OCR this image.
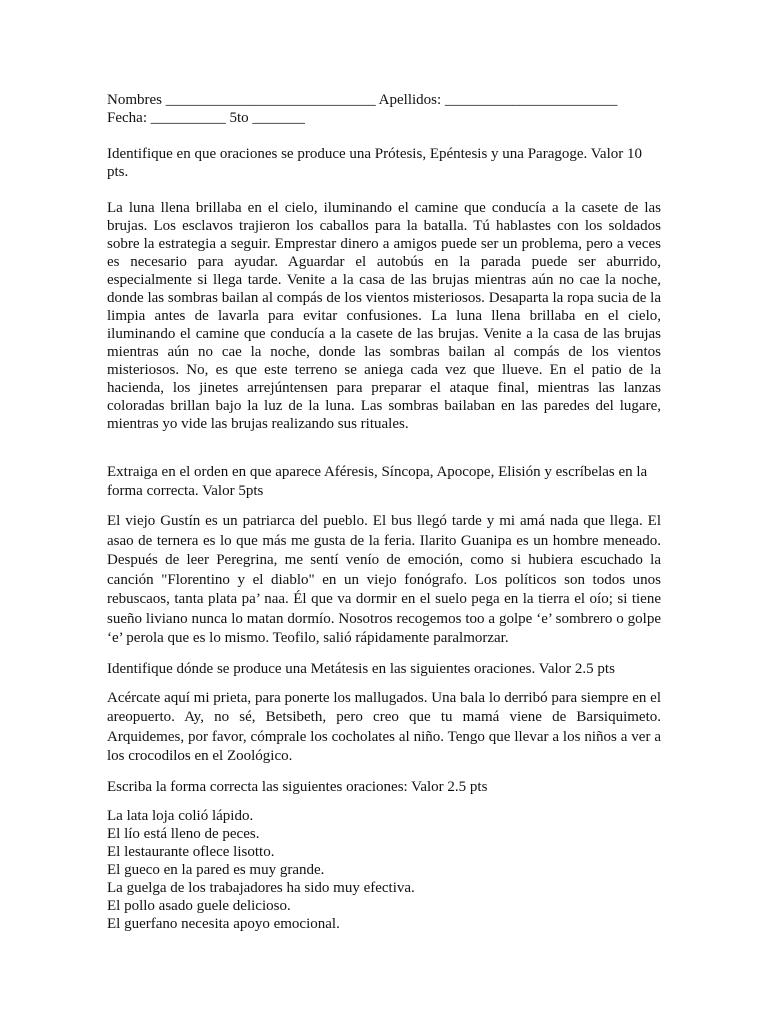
Nombres ____________________________ Apellidos: _______________________
Fecha: __________ 5to _______

Identifique en que oraciones se produce una Prótesis, Epéntesis y una Paragoge. Valor 10 pts.

La luna llena brillaba en el cielo, iluminando el camine que conducía a la casete de las brujas. Los esclavos trajieron los caballos para la batalla. Tú hablastes con los soldados sobre la estrategia a seguir. Emprestar dinero a amigos puede ser un problema, pero a veces es necesario para ayudar. Aguardar el autobús en la parada puede ser aburrido, especialmente si llega tarde. Venite a la casa de las brujas mientras aún no cae la noche, donde las sombras bailan al compás de los vientos misteriosos. Desaparta la ropa sucia de la limpia antes de lavarla para evitar confusiones. La luna llena brillaba en el cielo, iluminando el camine que conducía a la casete de las brujas. Venite a la casa de las brujas mientras aún no cae la noche, donde las sombras bailan al compás de los vientos misteriosos. No, es que este terreno se aniega cada vez que llueve. En el patio de la hacienda, los jinetes arrejúntensen para preparar el ataque final, mientras las lanzas coloradas brillan bajo la luz de la luna. Las sombras bailaban en las paredes del lugare, mientras yo vide las brujas realizando sus rituales.

Extraiga en el orden en que aparece Aféresis, Síncopa, Apocope, Elisión y escríbelas en la forma correcta. Valor 5pts

El viejo Gustín es un patriarca del pueblo. El bus llegó tarde y mi amá nada que llega. El asao de ternera es lo que más me gusta de la feria. Ilarito Guanipa es un hombre meneado. Después de leer Peregrina, me sentí venío de emoción, como si hubiera escuchado la canción "Florentino y el diablo" en un viejo fonógrafo. Los políticos son todos unos rebuscaos, tanta plata pa’ naa. Él que va dormir en el suelo pega en la tierra el oío; si tiene sueño liviano nunca lo matan dormío. Nosotros recogemos too a golpe ‘e’ sombrero o golpe ‘e’ perola que es lo mismo. Teofilo, salió rápidamente paralmorzar.

Identifique dónde se produce una Metátesis en las siguientes oraciones. Valor 2.5 pts

Acércate aquí mi prieta, para ponerte los mallugados. Una bala lo derribó para siempre en el areopuerto. Ay, no sé, Betsibeth, pero creo que tu mamá viene de Barsiquimeto. Arquidemes, por favor, cómprale los cocholates al niño. Tengo que llevar a los niños a ver a los crocodilos en el Zoológico.

Escriba la forma correcta las siguientes oraciones: Valor 2.5 pts

La lata loja colió lápido.
El lío está lleno de peces.
El lestaurante oflece lisotto.
El gueco en la pared es muy grande.
La guelga de los trabajadores ha sido muy efectiva.
El pollo asado guele delicioso.
El guerfano necesita apoyo emocional.
